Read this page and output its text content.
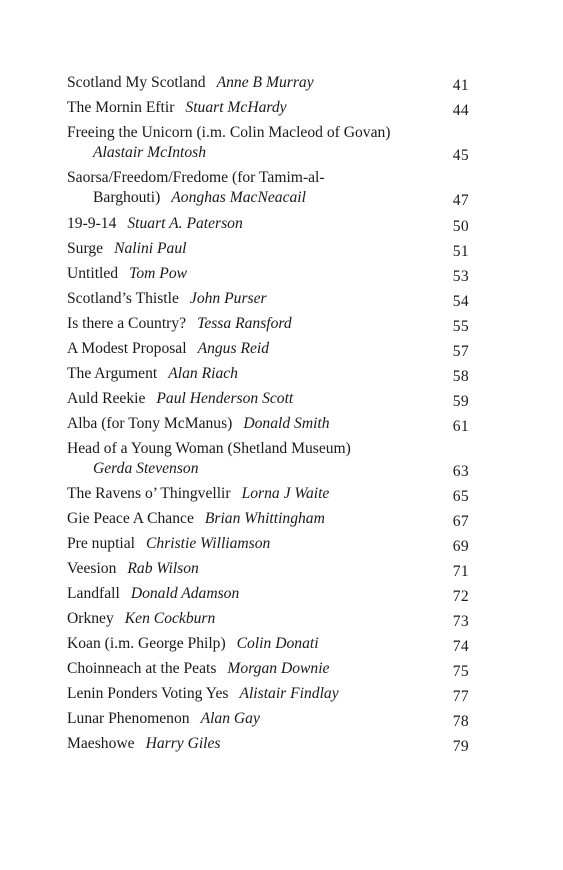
Scotland My Scotland Anne B Murray	41
The Mornin Eftir Stuart McHardy	44
Freeing the Unicorn (i.m. Colin Macleod of Govan)
Alastair McIntosh	45
Saorsa/Freedom/Fredome (for Tamim-al-
Barghouti) Aonghas MacNeacail	47
19-9-14 Stuart A. Paterson	50
Surge Nalini Paul	51
Untitled Tom Pow	53
Scotland’s Thistle John Purser	54
Is there a Country? Tessa Ransford	55
A Modest Proposal Angus Reid	57
The Argument Alan Riach	58
Auld Reekie Paul Henderson Scott	59
Alba (for Tony McManus) Donald Smith	61
Head of a Young Woman (Shetland Museum)
Gerda Stevenson	63
The Ravens o’ Thingvellir Lorna J Waite	65
Gie Peace A Chance Brian Whittingham	67
Pre nuptial Christie Williamson	69
Veesion Rab Wilson	71
Landfall Donald Adamson	72
Orkney Ken Cockburn	73
Koan (i.m. George Philp) Colin Donati	74
Choinneach at the Peats Morgan Downie	75
Lenin Ponders Voting Yes Alistair Findlay	77
Lunar Phenomenon Alan Gay	78
Maeshowe Harry Giles	79
